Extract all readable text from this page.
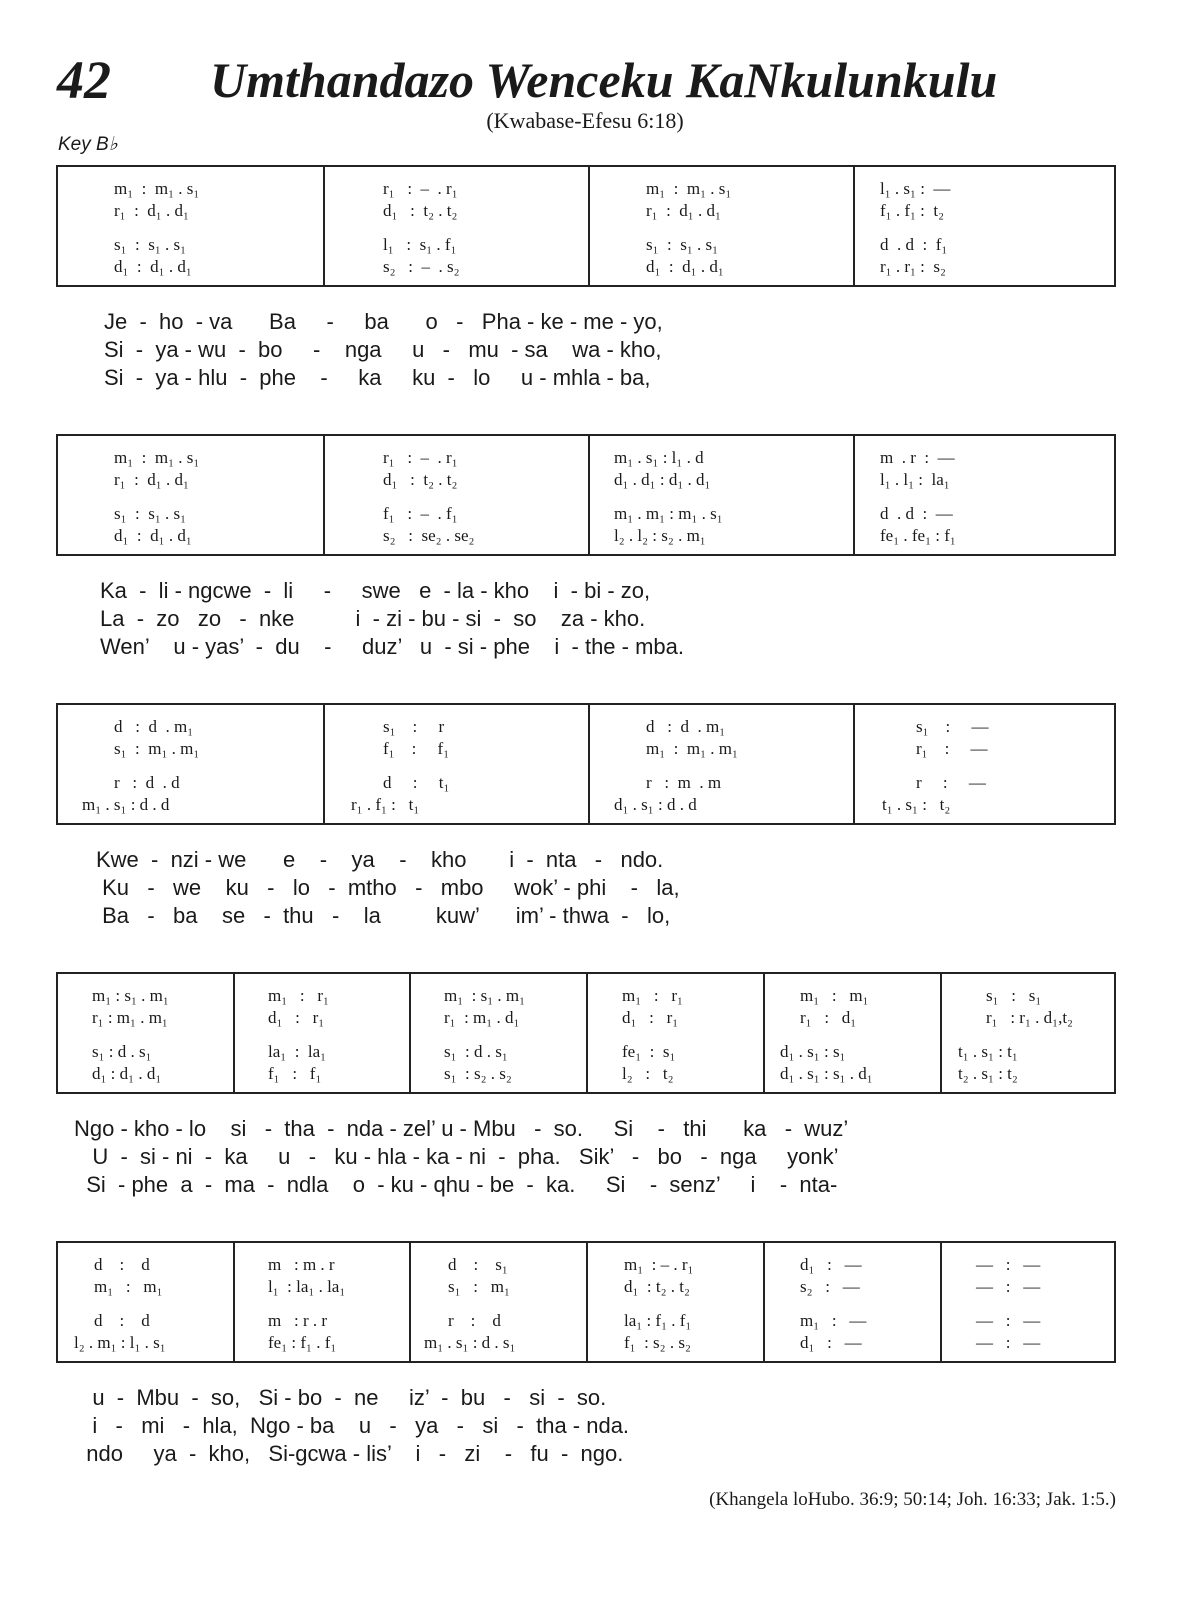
42 Umthandazo Wenceku KaNkulunkulu
(Kwabase-Efesu 6:18)
Key B♭
m₁  :  m₁ . s₁
r₁  :  d₁ . d₁
s₁  :  s₁ . s₁
d₁  :  d₁ . d₁
r₁   :  –  . r₁
d₁   :  t₂ . t₂
l₁   :  s₁ . f₁
s₂   :  –  . s₂
m₁  :  m₁ . s₁
r₁  :  d₁ . d₁
s₁  :  s₁ . s₁
d₁  :  d₁ . d₁
l₁ . s₁ :  —
f₁ . f₁ :  t₂
d  . d  :  f₁
r₁ . r₁ :  s₂
Je  -  ho  - va      Ba     -     ba      o   -   Pha - ke - me - yo,
Si  -  ya - wu  -  bo     -    nga     u   -   mu  - sa    wa - kho,
Si  -  ya - hlu  -  phe    -     ka     ku  -   lo     u - mhla - ba,
m₁  :  m₁ . s₁
r₁  :  d₁ . d₁
s₁  :  s₁ . s₁
d₁  :  d₁ . d₁
r₁   :  –  . r₁
d₁   :  t₂ . t₂
f₁   :  –  . f₁
s₂   :  se₂ . se₂
m₁ . s₁ : l₁ . d
d₁ . d₁ : d₁ . d₁
m₁ . m₁ : m₁ . s₁
l₂ . l₂ : s₂ . m₁
m  . r  :  —
l₁ . l₁ :  la₁
d  . d  :  —
fe₁ . fe₁ : f₁
Ka  -  li - ngcwe  -  li     -     swe   e  - la - kho    i  - bi - zo,
La  -  zo   zo   -  nke          i  - zi - bu - si  -  so    za - kho.
Wen’    u - yas’  -  du    -     duz’   u  - si - phe    i  - the - mba.
d   :  d  . m₁
s₁  :  m₁ . m₁
r   :  d  . d
m₁ . s₁ : d . d
s₁    :     r
f₁    :     f₁
d     :     t₁
r₁ . f₁ :   t₁
d   :  d  . m₁
m₁  :  m₁ . m₁
r   :  m  . m
d₁ . s₁ : d . d
s₁    :     —
r₁    :     —
r     :     —
t₁ . s₁ :   t₂
Kwe  -  nzi - we      e    -    ya    -    kho       i  -  nta   -   ndo.
Ku   -   we    ku   -   lo   -  mtho   -   mbo     wok’ - phi    -   la,
Ba   -   ba    se   -  thu   -    la         kuw’      im’ - thwa  -   lo,
m₁ : s₁ . m₁
r₁ : m₁ . m₁
s₁ : d . s₁
d₁ : d₁ . d₁
m₁   :   r₁
d₁   :   r₁
la₁  :  la₁
f₁   :   f₁
m₁  : s₁ . m₁
r₁  : m₁ . d₁
s₁  : d . s₁
s₁  : s₂ . s₂
m₁   :   r₁
d₁   :   r₁
fe₁  :  s₁
l₂   :   t₂
m₁   :   m₁
r₁   :   d₁
d₁ . s₁ : s₁
d₁ . s₁ : s₁ . d₁
s₁   :   s₁
r₁   : r₁ . d₁,t₂
t₁ . s₁ : t₁
t₂ . s₁ : t₂
Ngo - kho - lo    si   -  tha  -  nda - zel’ u - Mbu   -  so.     Si    -   thi      ka   -  wuz’
U  -  si - ni  -  ka     u   -   ku - hla - ka - ni  -  pha.   Sik’   -   bo   -  nga     yonk’
Si  - phe  a  -  ma  -  ndla    o  - ku - qhu - be  -  ka.     Si    -  senz’     i    -  nta-
d    :    d
m₁   :   m₁
d    :    d
l₂ . m₁ : l₁ . s₁
m   : m . r
l₁  : la₁ . la₁
m   : r . r
fe₁ : f₁ . f₁
d    :    s₁
s₁   :   m₁
r    :    d
m₁ . s₁ : d . s₁
m₁  : – . r₁
d₁  : t₂ . t₂
la₁ : f₁ . f₁
f₁  : s₂ . s₂
d₁   :   —
s₂   :   —
m₁   :   —
d₁   :   —
—   :   —
—   :   —
—   :   —
—   :   —
u  -  Mbu  -  so,   Si - bo  -  ne     iz’  -  bu   -   si  -  so.
i   -   mi   -  hla,  Ngo - ba    u   -   ya   -   si   -  tha - nda.
ndo     ya  -  kho,   Si-gcwa - lis’    i   -   zi    -   fu  -  ngo.
(Khangela loHubo. 36:9; 50:14; Joh. 16:33; Jak. 1:5.)
